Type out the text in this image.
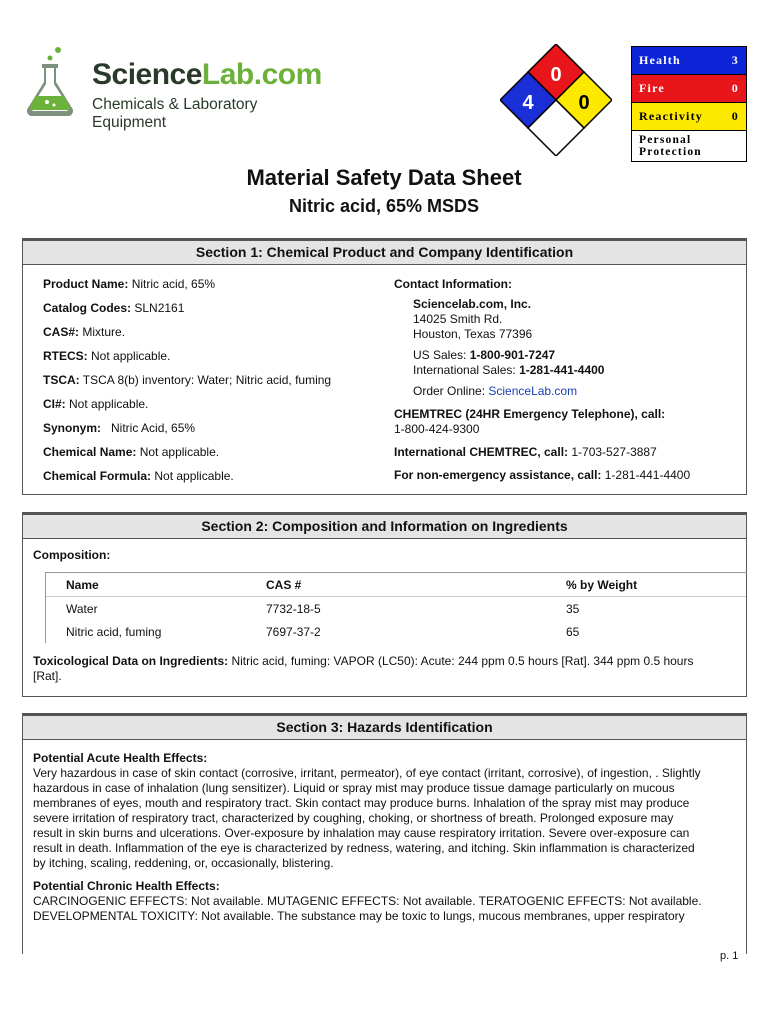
ScienceLab.com
Chemicals & Laboratory Equipment
0
4 0
Health	3
Fire	0
Reactivity 0
Personal
Protection
Material Safety Data Sheet
Nitric acid, 65% MSDS
Section 1: Chemical Product and Company Identification
Product Name: Nitric acid, 65%
Catalog Codes: SLN2161
CAS#: Mixture.
RTECS: Not applicable.
TSCA: TSCA 8(b) inventory: Water; Nitric acid, fuming
CI#: Not applicable.
Synonym:   Nitric Acid, 65%
Chemical Name: Not applicable.
Chemical Formula: Not applicable.
Contact Information:
Sciencelab.com, Inc.
14025 Smith Rd.
Houston, Texas 77396
US Sales: 1-800-901-7247
International Sales: 1-281-441-4400
Order Online: ScienceLab.com
CHEMTREC (24HR Emergency Telephone), call:
1-800-424-9300
International CHEMTREC, call: 1-703-527-3887
For non-emergency assistance, call: 1-281-441-4400
Section 2: Composition and Information on Ingredients
Composition:
Name	CAS #	% by Weight
Water	7732-18-5	35
Nitric acid, fuming	7697-37-2	65
Toxicological Data on Ingredients: Nitric acid, fuming: VAPOR (LC50): Acute: 244 ppm 0.5 hours [Rat]. 344 ppm 0.5 hours
[Rat].
Section 3: Hazards Identification
Potential Acute Health Effects:
Very hazardous in case of skin contact (corrosive, irritant, permeator), of eye contact (irritant, corrosive), of ingestion, . Slightly
hazardous in case of inhalation (lung sensitizer). Liquid or spray mist may produce tissue damage particularly on mucous
membranes of eyes, mouth and respiratory tract. Skin contact may produce burns. Inhalation of the spray mist may produce
severe irritation of respiratory tract, characterized by coughing, choking, or shortness of breath. Prolonged exposure may
result in skin burns and ulcerations. Over-exposure by inhalation may cause respiratory irritation. Severe over-exposure can
result in death. Inflammation of the eye is characterized by redness, watering, and itching. Skin inflammation is characterized
by itching, scaling, reddening, or, occasionally, blistering.
Potential Chronic Health Effects:
CARCINOGENIC EFFECTS: Not available. MUTAGENIC EFFECTS: Not available. TERATOGENIC EFFECTS: Not available.
DEVELOPMENTAL TOXICITY: Not available. The substance may be toxic to lungs, mucous membranes, upper respiratory
p. 1
